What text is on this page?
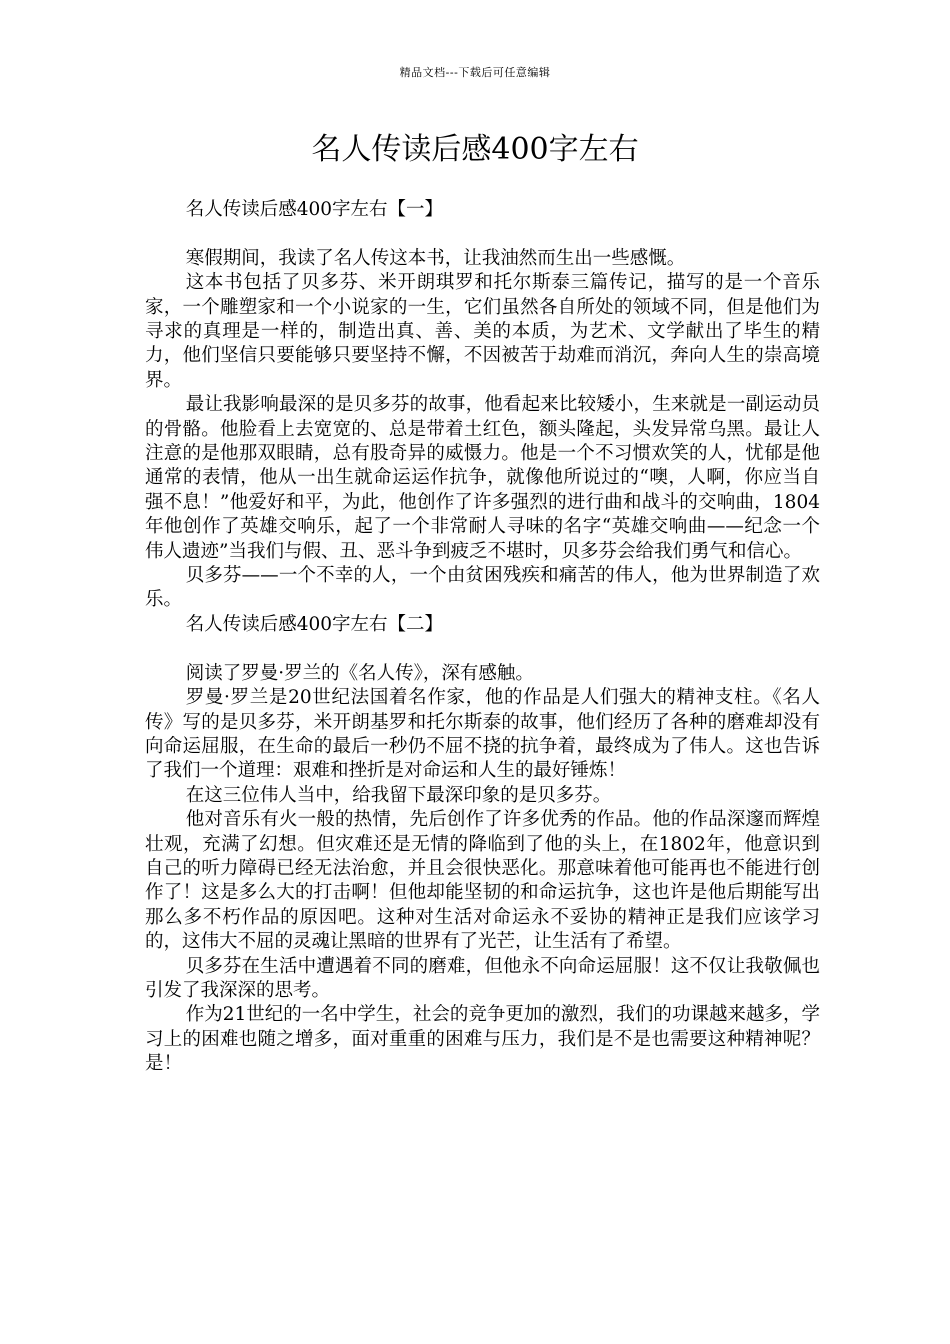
精品文档---下载后可任意编辑
名人传读后感400字左右

名人传读后感400字左右【一】

寒假期间，我读了名人传这本书，让我油然而生出一些感慨。

这本书包括了贝多芬、米开朗琪罗和托尔斯泰三篇传记，描写的是一个音乐家，一个雕塑家和一个小说家的一生，它们虽然各自所处的领域不同，但是他们为寻求的真理是一样的，制造出真、善、美的本质，为艺术、文学献出了毕生的精力，他们坚信只要能够只要坚持不懈，不因被苦于劫难而消沉，奔向人生的崇高境界。

最让我影响最深的是贝多芬的故事，他看起来比较矮小，生来就是一副运动员的骨骼。他脸看上去宽宽的、总是带着土红色，额头隆起，头发异常乌黑。最让人注意的是他那双眼睛，总有股奇异的威慑力。他是一个不习惯欢笑的人，忧郁是他通常的表情，他从一出生就命运运作抗争，就像他所说过的“噢，人啊，你应当自强不息！”他爱好和平，为此，他创作了许多强烈的进行曲和战斗的交响曲，1804年他创作了英雄交响乐，起了一个非常耐人寻味的名字“英雄交响曲——纪念一个伟人遗迹”当我们与假、丑、恶斗争到疲乏不堪时，贝多芬会给我们勇气和信心。

贝多芬——一个不幸的人，一个由贫困残疾和痛苦的伟人，他为世界制造了欢乐。

名人传读后感400字左右【二】

阅读了罗曼·罗兰的《名人传》，深有感触。

罗曼·罗兰是20世纪法国着名作家，他的作品是人们强大的精神支柱。《名人传》写的是贝多芬，米开朗基罗和托尔斯泰的故事，他们经历了各种的磨难却没有向命运屈服，在生命的最后一秒仍不屈不挠的抗争着，最终成为了伟人。这也告诉了我们一个道理：艰难和挫折是对命运和人生的最好锤炼！

在这三位伟人当中，给我留下最深印象的是贝多芬。

他对音乐有火一般的热情，先后创作了许多优秀的作品。他的作品深邃而辉煌壮观，充满了幻想。但灾难还是无情的降临到了他的头上，在1802年，他意识到自己的听力障碍已经无法治愈，并且会很快恶化。那意味着他可能再也不能进行创作了！这是多么大的打击啊！但他却能坚韧的和命运抗争，这也许是他后期能写出那么多不朽作品的原因吧。这种对生活对命运永不妥协的精神正是我们应该学习的，这伟大不屈的灵魂让黑暗的世界有了光芒，让生活有了希望。

贝多芬在生活中遭遇着不同的磨难，但他永不向命运屈服！这不仅让我敬佩也引发了我深深的思考。

作为21世纪的一名中学生，社会的竞争更加的激烈，我们的功课越来越多，学习上的困难也随之增多，面对重重的困难与压力，我们是不是也需要这种精神呢？是！
